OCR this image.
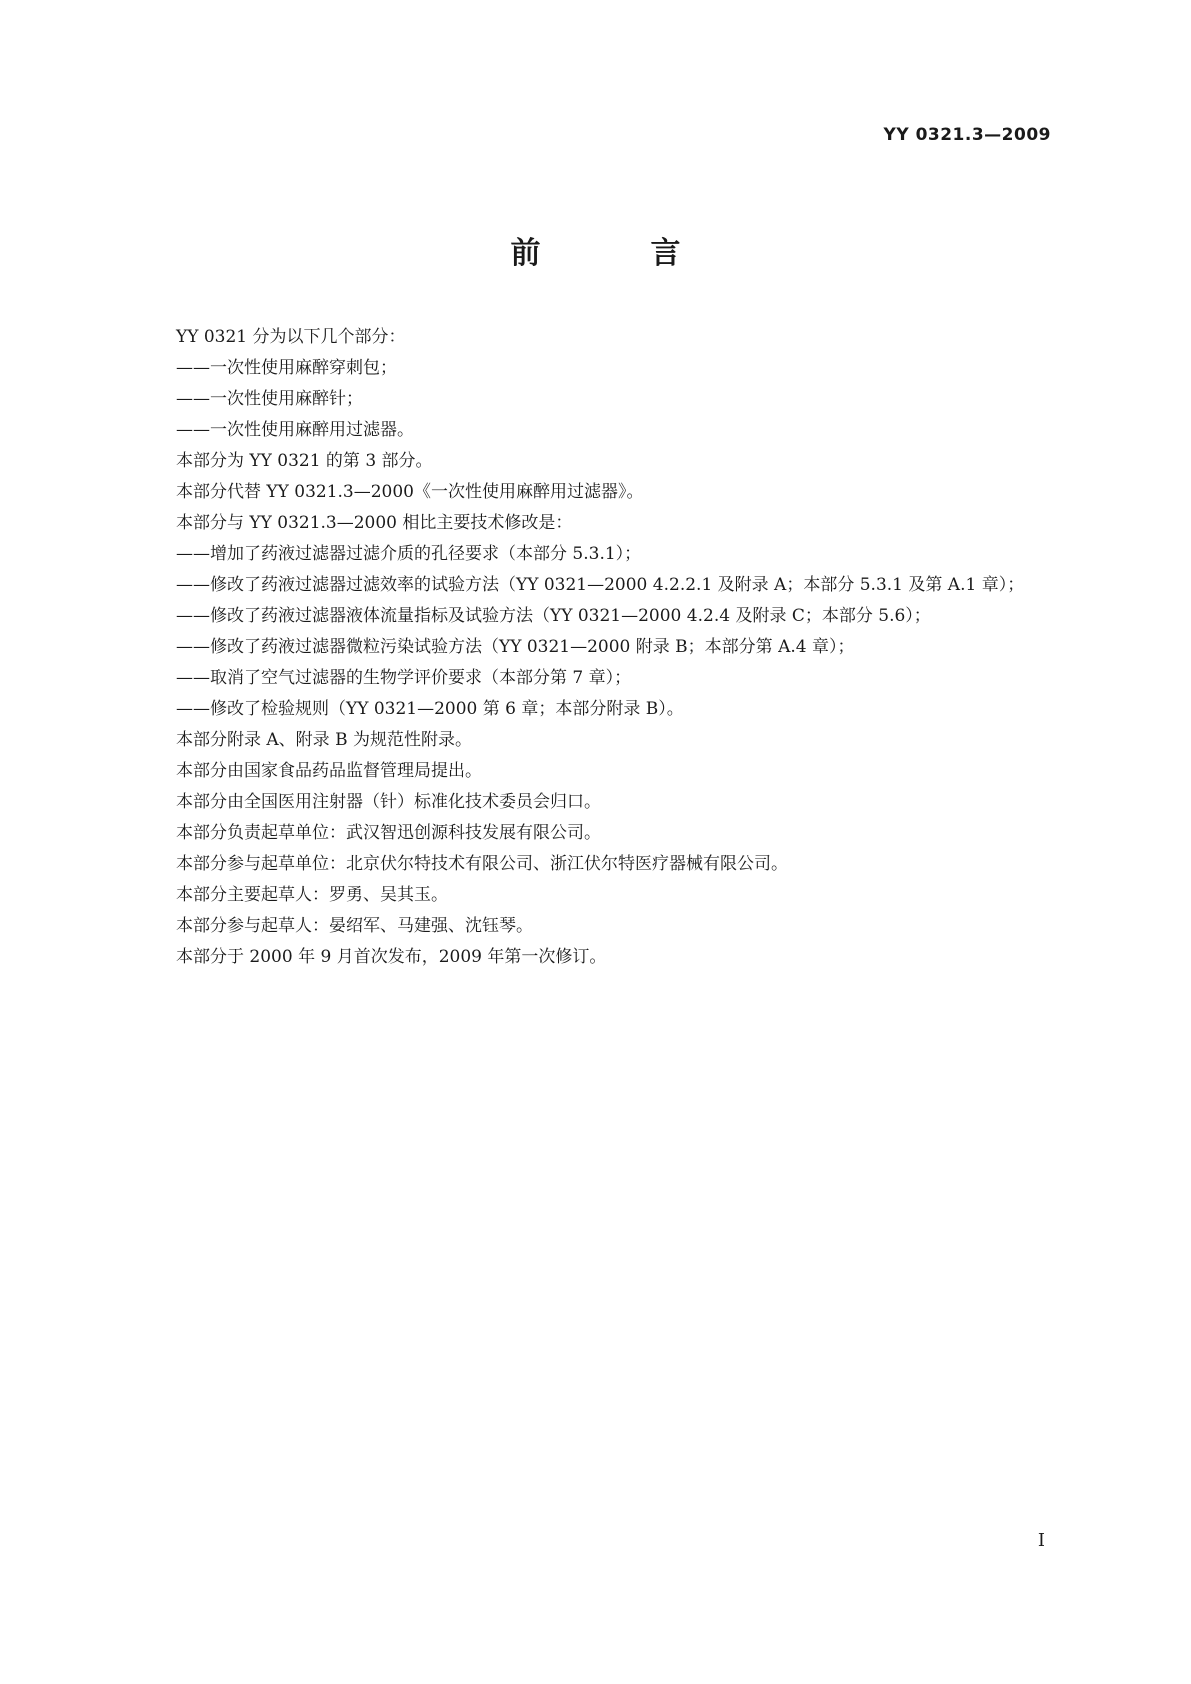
YY 0321.3—2009
前　言
YY 0321 分为以下几个部分：
——一次性使用麻醉穿刺包；
——一次性使用麻醉针；
——一次性使用麻醉用过滤器。
本部分为 YY 0321 的第 3 部分。
本部分代替 YY 0321.3—2000《一次性使用麻醉用过滤器》。
本部分与 YY 0321.3—2000 相比主要技术修改是：
——增加了药液过滤器过滤介质的孔径要求（本部分 5.3.1）；
——修改了药液过滤器过滤效率的试验方法（YY 0321—2000 4.2.2.1 及附录 A；本部分 5.3.1 及第 A.1 章）；
——修改了药液过滤器液体流量指标及试验方法（YY 0321—2000 4.2.4 及附录 C；本部分 5.6）；
——修改了药液过滤器微粒污染试验方法（YY 0321—2000 附录 B；本部分第 A.4 章）；
——取消了空气过滤器的生物学评价要求（本部分第 7 章）；
——修改了检验规则（YY 0321—2000 第 6 章；本部分附录 B）。
本部分附录 A、附录 B 为规范性附录。
本部分由国家食品药品监督管理局提出。
本部分由全国医用注射器（针）标准化技术委员会归口。
本部分负责起草单位：武汉智迅创源科技发展有限公司。
本部分参与起草单位：北京伏尔特技术有限公司、浙江伏尔特医疗器械有限公司。
本部分主要起草人：罗勇、吴其玉。
本部分参与起草人：晏绍军、马建强、沈钰琴。
本部分于 2000 年 9 月首次发布，2009 年第一次修订。
I
